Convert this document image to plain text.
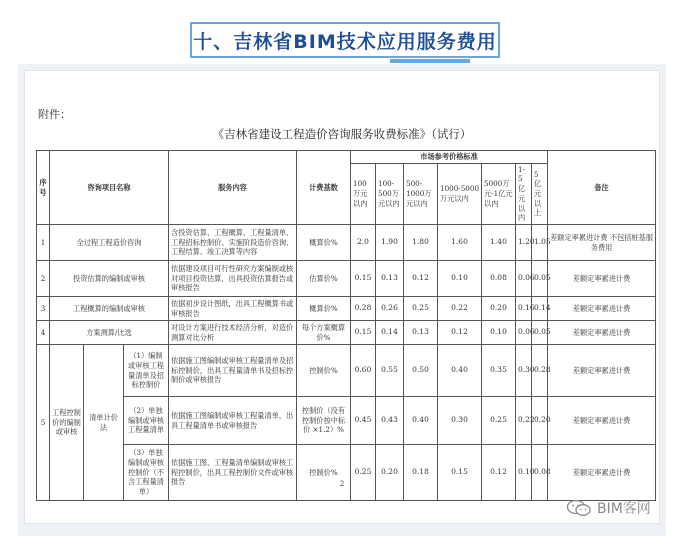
十、吉林省BIM技术应用服务费用
附件：
《吉林省建设工程造价咨询服务收费标准》（试行）
序号	咨询项目名称			服务内容	计费基数	市场参考价格标准							备注
						100万元以内	100-500万元以内	500-1000万元以内	1000-5000万元以内	5000万元-1亿元以内	1-5亿元以内	5亿元以上	
1	全过程工程造价咨询			含投资估算、工程概算、工程量清单、工程招标控制价、实施阶段造价咨询、工程结算、竣工决算等内容	概算价%	2.0	1.90	1.80	1.60	1.40	1.20	1.05	差额定率累进计费 不包括桩基服务费用
2	投资估算的编制或审核			依据建设项目可行性研究方案编制或核对项目投资估算，出具投资估算报告或审核报告	估算价%	0.15	0.13	0.12	0.10	0.08	0.06	0.05	差额定率累进计费
3	工程概算的编制或审核			依据初步设计图纸，出具工程概算书或审核报告	概算价%	0.28	0.26	0.25	0.22	0.20	0.16	0.14	差额定率累进计费
4	方案测算/比选			对设计方案进行技术经济分析，对造价测算对比分析	每个方案概算价%	0.15	0.14	0.13	0.12	0.10	0.06	0.05	差额定率累进计费
5	工程控制价的编制或审核	清单计价法	（1）编制或审核工程量清单及招标控制价	依据施工图编制或审核工程量清单及招标控制价，出具工程量清单书及招标控制价或审核报告	控制价%	0.60	0.55	0.50	0.40	0.35	0.30	0.28	差额定率累进计费
			（2）单独编制或审核工程量清单	依据施工图编制或审核工程量清单，出具工程量清单书或审核报告	控制价（没有控制价按中标价 ×1.2）%	0.45	0.43	0.40	0.30	0.25	0.22	0.20	差额定率累进计费
			（3）单独编制或审核控制价（不含工程量清单）	依据施工图、工程量清单编制或审核工程控制价，出具工程控制价文件或审核报告	控制价%	0.25	0.20	0.18	0.15	0.12	0.10	0.08	差额定率累进计费
2
BIM客网
